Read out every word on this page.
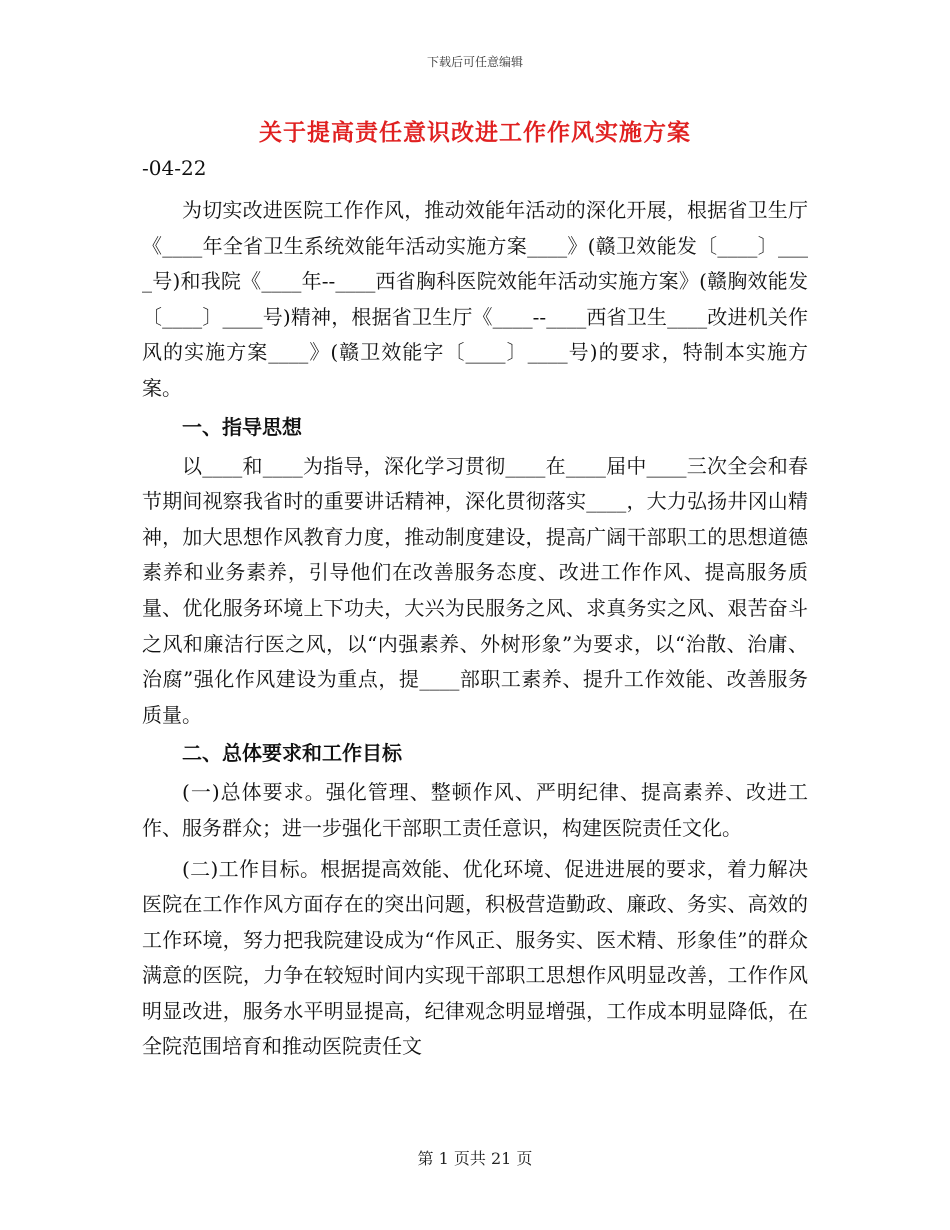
下载后可任意编辑
关于提高责任意识改进工作作风实施方案

-04-22

为切实改进医院工作作风，推动效能年活动的深化开展，根据省卫生厅《____年全省卫生系统效能年活动实施方案____》(赣卫效能发〔____〕____号)和我院《____年--____西省胸科医院效能年活动实施方案》(赣胸效能发〔____〕____号)精神，根据省卫生厅《____--____西省卫生____改进机关作风的实施方案____》(赣卫效能字〔____〕____号)的要求，特制本实施方案。

一、指导思想

以____和____为指导，深化学习贯彻____在____届中____三次全会和春节期间视察我省时的重要讲话精神，深化贯彻落实____，大力弘扬井冈山精神，加大思想作风教育力度，推动制度建设，提高广阔干部职工的思想道德素养和业务素养，引导他们在改善服务态度、改进工作作风、提高服务质量、优化服务环境上下功夫，大兴为民服务之风、求真务实之风、艰苦奋斗之风和廉洁行医之风，以“内强素养、外树形象”为要求，以“治散、治庸、治腐”强化作风建设为重点，提____部职工素养、提升工作效能、改善服务质量。

二、总体要求和工作目标

(一)总体要求。强化管理、整顿作风、严明纪律、提高素养、改进工作、服务群众；进一步强化干部职工责任意识，构建医院责任文化。

(二)工作目标。根据提高效能、优化环境、促进进展的要求，着力解决医院在工作作风方面存在的突出问题，积极营造勤政、廉政、务实、高效的工作环境，努力把我院建设成为“作风正、服务实、医术精、形象佳”的群众满意的医院，力争在较短时间内实现干部职工思想作风明显改善，工作作风明显改进，服务水平明显提高，纪律观念明显增强，工作成本明显降低，在全院范围培育和推动医院责任文

第 1 页共 21 页
